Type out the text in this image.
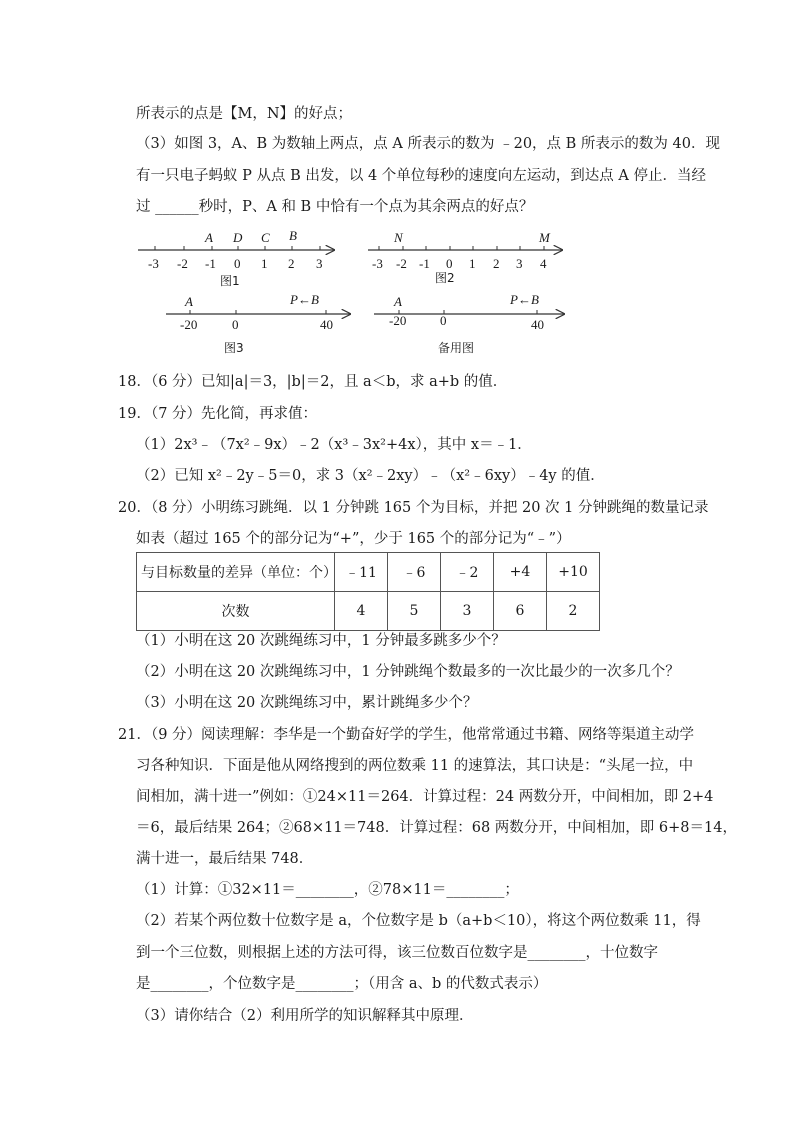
所表示的点是【M，N】的好点；
（3）如图 3，A、B 为数轴上两点，点 A 所表示的数为 ﹣20，点 B 所表示的数为 40．现
有一只电子蚂蚁 P 从点 B 出发，以 4 个单位每秒的速度向左运动，到达点 A 停止．当经
过 ______秒时，P、A 和 B 中恰有一个点为其余两点的好点？
A D C B
-3 -2 -1 0 1 2 3
图1
N	M
-3 -2 -1 0 1 2 3 4
图2
A	P←B
-20	0	40
图3
A	P←B
-20	0	40
备用图
18．（6 分）已知|a|＝3，|b|＝2，且 a＜b，求 a+b 的值．
19．（7 分）先化简，再求值：
（1）2x³﹣（7x²﹣9x）﹣2（x³﹣3x²+4x），其中 x＝﹣1．
（2）已知 x²﹣2y﹣5＝0，求 3（x²﹣2xy）﹣（x²﹣6xy）﹣4y 的值．
20．（8 分）小明练习跳绳．以 1 分钟跳 165 个为目标，并把 20 次 1 分钟跳绳的数量记录
如表（超过 165 个的部分记为“+”，少于 165 个的部分记为“﹣”）
与目标数量的差异（单位：个）	﹣11	﹣6	﹣2	+4	+10
次数	4	5	3	6	2
（1）小明在这 20 次跳绳练习中，1 分钟最多跳多少个？
（2）小明在这 20 次跳绳练习中，1 分钟跳绳个数最多的一次比最少的一次多几个？
（3）小明在这 20 次跳绳练习中，累计跳绳多少个？
21．（9 分）阅读理解：李华是一个勤奋好学的学生，他常常通过书籍、网络等渠道主动学
习各种知识．下面是他从网络搜到的两位数乘 11 的速算法，其口诀是：“头尾一拉，中
间相加，满十进一”例如：①24×11＝264．计算过程：24 两数分开，中间相加，即 2+4
＝6，最后结果 264；②68×11＝748．计算过程：68 两数分开，中间相加，即 6+8＝14，
满十进一，最后结果 748．
（1）计算：①32×11＝________，②78×11＝________；
（2）若某个两位数十位数字是 a，个位数字是 b（a+b＜10），将这个两位数乘 11，得
到一个三位数，则根据上述的方法可得，该三位数百位数字是________，十位数字
是________，个位数字是________；（用含 a、b 的代数式表示）
（3）请你结合（2）利用所学的知识解释其中原理．
